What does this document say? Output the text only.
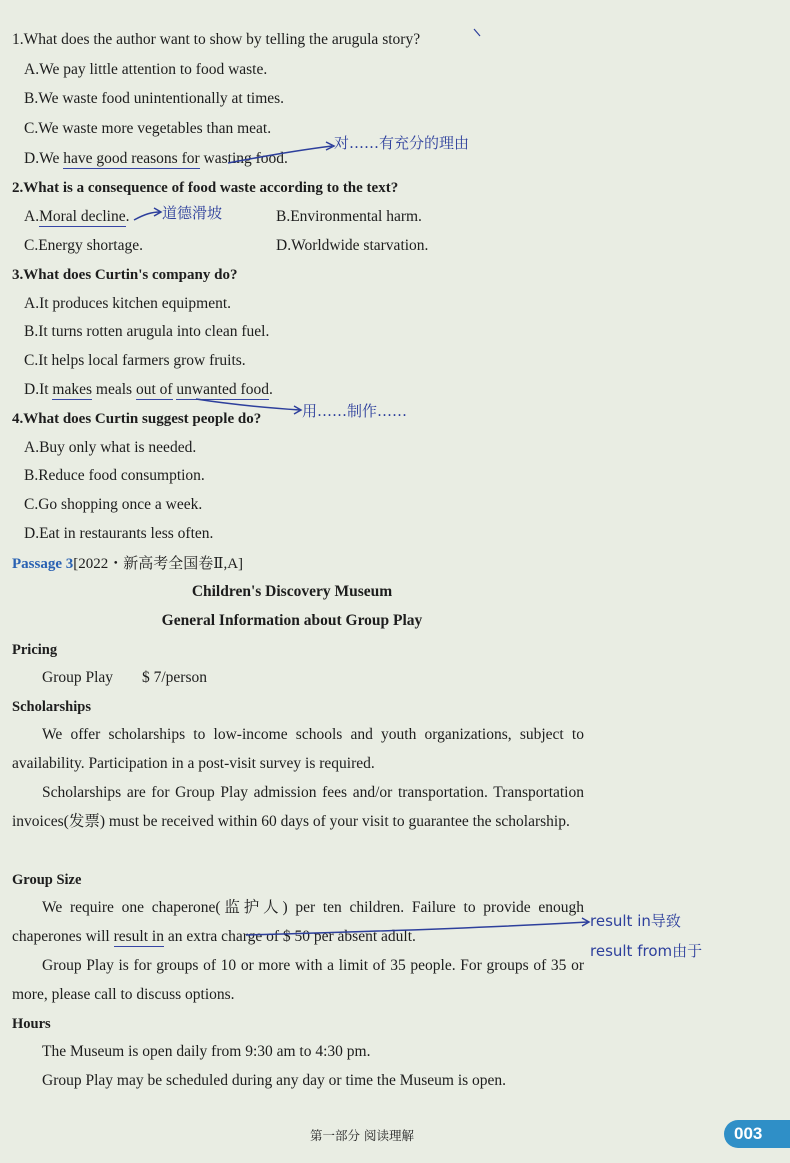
1.What does the author want to show by telling the arugula story?
A.We pay little attention to food waste.
B.We waste food unintentionally at times.
C.We waste more vegetables than meat.
D.We have good reasons for wasting food.
对……有充分的理由
2.What is a consequence of food waste according to the text?
A.Moral decline. 道德滑坡	B.Environmental harm.
C.Energy shortage.	D.Worldwide starvation.
3.What does Curtin's company do?
A.It produces kitchen equipment.
B.It turns rotten arugula into clean fuel.
C.It helps local farmers grow fruits.
D.It makes meals out of unwanted food.
用……制作……
4.What does Curtin suggest people do?
A.Buy only what is needed.
B.Reduce food consumption.
C.Go shopping once a week.
D.Eat in restaurants less often.
Passage 3[2022・新高考全国卷Ⅱ,A]
Children's Discovery Museum
General Information about Group Play
Pricing
Group Play $ 7/person
Scholarships
We offer scholarships to low-income schools and youth organizations, subject to availability. Participation in a post-visit survey is required.
Scholarships are for Group Play admission fees and/or transportation. Transportation invoices(发票) must be received within 60 days of your visit to guarantee the scholarship.
Group Size
We require one chaperone(监护人) per ten children. Failure to provide enough chaperones will result in an extra charge of $ 50 per absent adult.
result in导致
result from由于
Group Play is for groups of 10 or more with a limit of 35 people. For groups of 35 or more, please call to discuss options.
Hours
The Museum is open daily from 9:30 am to 4:30 pm.
Group Play may be scheduled during any day or time the Museum is open.
第一部分 阅读理解	003
